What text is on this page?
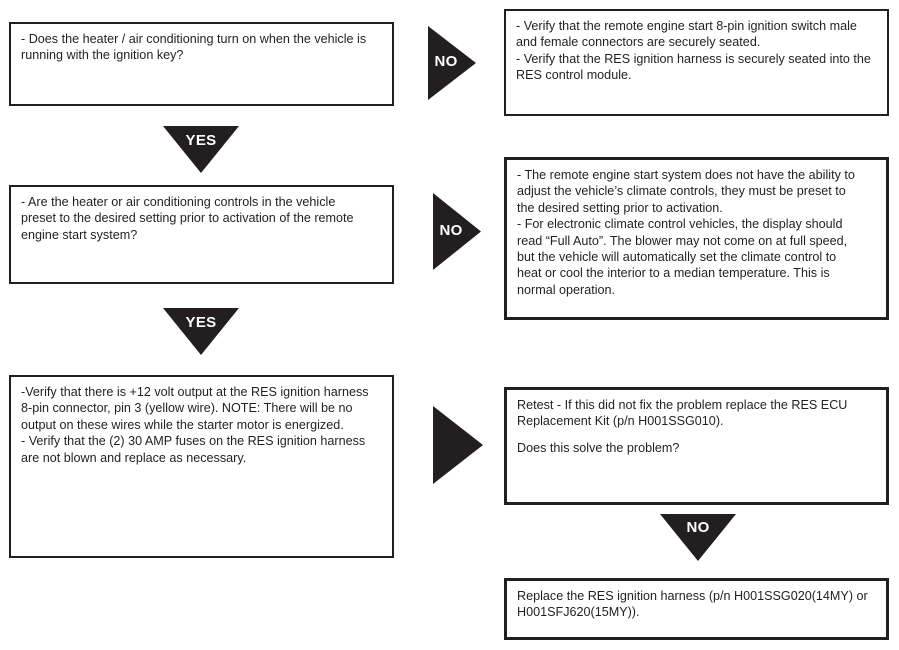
- Does the heater / air conditioning turn on when the vehicle is
running with the ignition key?	NO

- Verify that the remote engine start 8-pin ignition switch male
and female connectors are securely seated.
- Verify that the RES ignition harness is securely seated into the
RES control module.

YES

- Are the heater or air conditioning controls in the vehicle
preset to the desired setting prior to activation of the remote
engine start system?	NO

- The remote engine start system does not have the ability to
adjust the vehicle’s climate controls, they must be preset to
the desired setting prior to activation.
- For electronic climate control vehicles, the display should
read “Full Auto”. The blower may not come on at full speed,
but the vehicle will automatically set the climate control to
heat or cool the interior to a median temperature. This is
normal operation.

YES

-Verify that there is +12 volt output at the RES ignition harness
8-pin connector, pin 3 (yellow wire). NOTE: There will be no
output on these wires while the starter motor is energized.
- Verify that the (2) 30 AMP fuses on the RES ignition harness
are not blown and replace as necessary.

Retest - If this did not fix the problem replace the RES ECU
Replacement Kit (p/n H001SSG010).

Does this solve the problem?

NO

Replace the RES ignition harness (p/n H001SSG020(14MY) or
H001SFJ620(15MY)).
